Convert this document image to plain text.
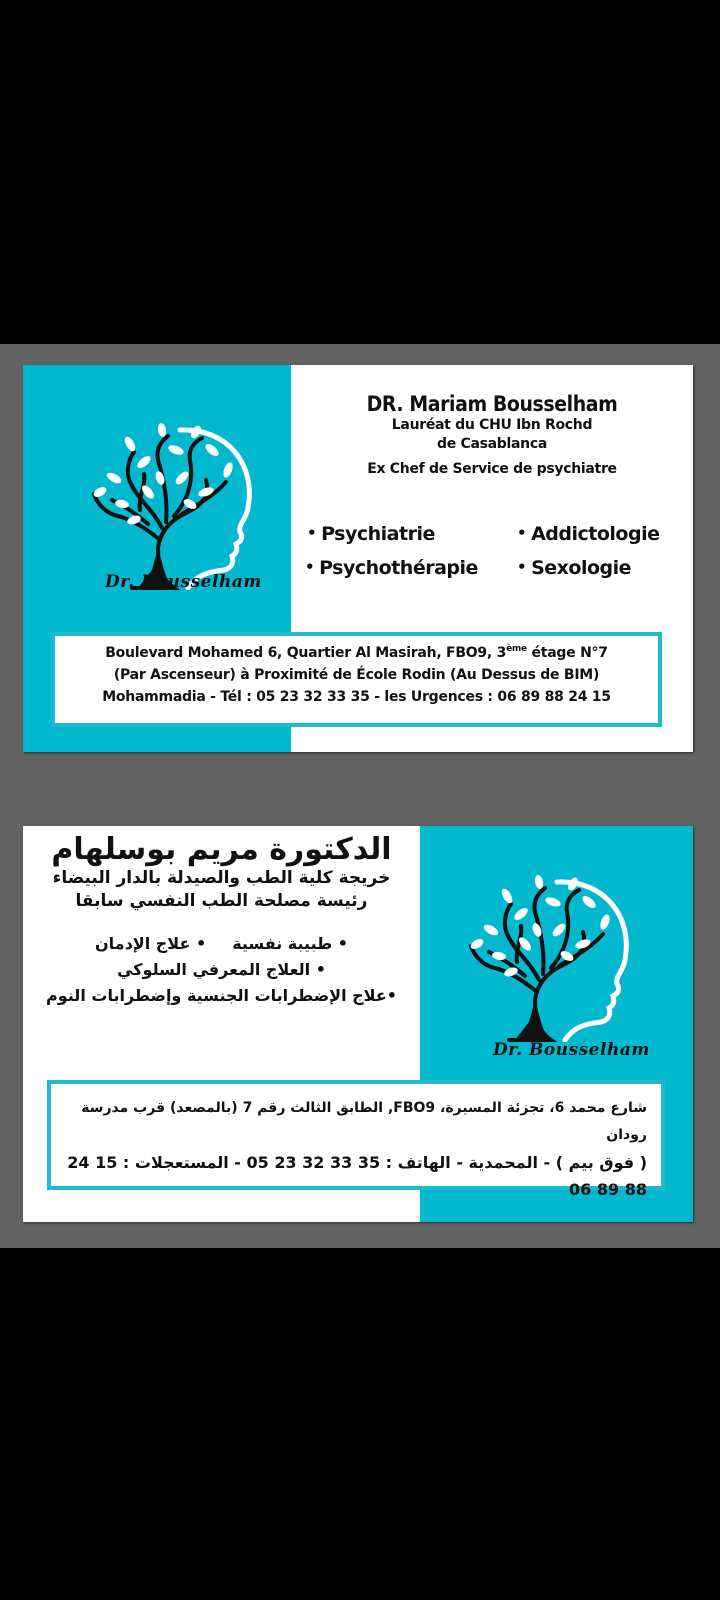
Dr. Bousselham
DR. Mariam Bousselham
Lauréat du CHU Ibn Rochd
de Casablanca
Ex Chef de Service de psychiatre
• Psychiatrie	• Addictologie
• Psychothérapie	• Sexologie
Boulevard Mohamed 6, Quartier Al Masirah, FBO9, 3ème étage N°7
(Par Ascenseur) à Proximité de École Rodin (Au Dessus de BIM)
Mohammadia - Tél : 05 23 32 33 35 - les Urgences : 06 89 88 24 15
Dr. Bousselham
الدكتورة مريم بوسلهام
خريجة كلية الطب والصيدلة بالدار البيضاء
رئيسة مصلحة الطب النفسي سابقا
• طبيبة نفسية• علاج الإدمان
• العلاج المعرفي السلوكي
•علاج الإضطرابات الجنسية وإضطرابات النوم
شارع محمد 6، تجزئة المسيرة، FBO9, الطابق الثالث رقم 7 (بالمصعد) قرب مدرسة رودان
( فوق بيم ) - المحمدية - الهاتف : 35 33 32 23 05 - المستعجلات : 15 24 88 89 06
